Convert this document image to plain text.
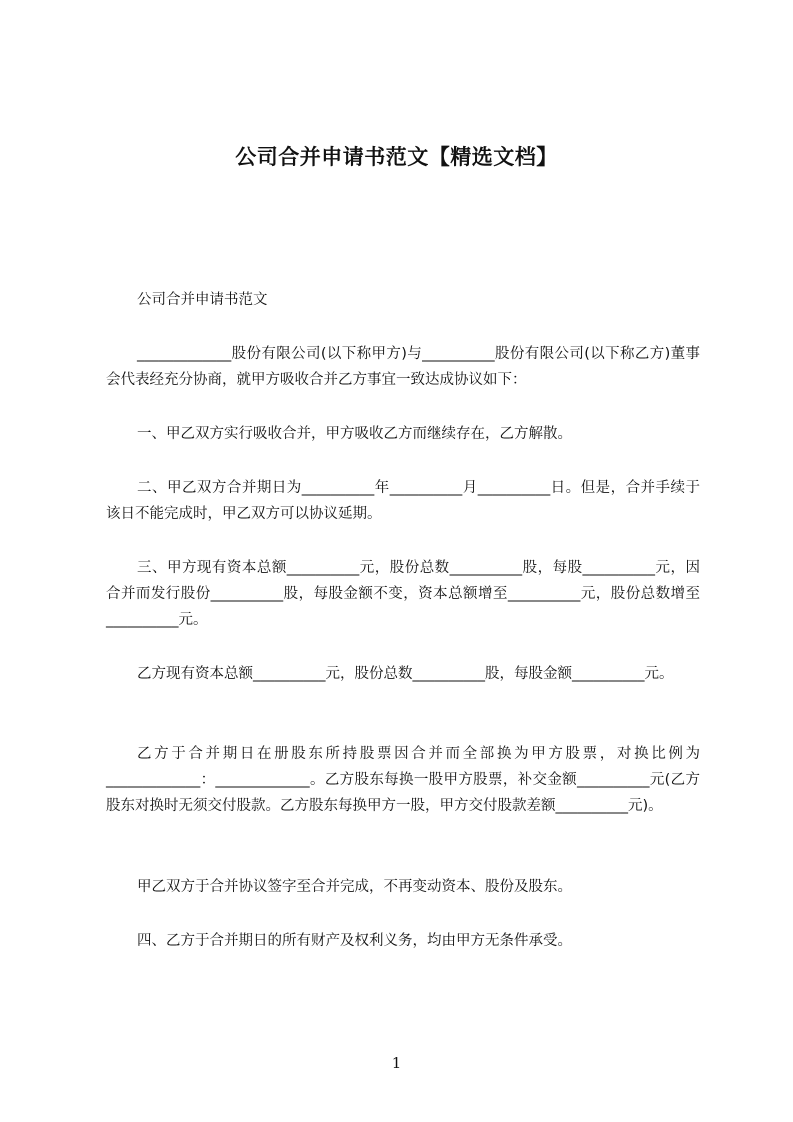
公司合并申请书范文【精选文档】
公司合并申请书范文
_____________股份有限公司(以下称甲方)与__________股份有限公司(以下称乙方)董事会代表经充分协商，就甲方吸收合并乙方事宜一致达成协议如下：
一、甲乙双方实行吸收合并，甲方吸收乙方而继续存在，乙方解散。
二、甲乙双方合并期日为__________年__________月__________日。但是，合并手续于该日不能完成时，甲乙双方可以协议延期。
三、甲方现有资本总额__________元，股份总数__________股，每股__________元，因合并而发行股份__________股，每股金额不变，资本总额增至__________元，股份总数增至__________元。
乙方现有资本总额__________元，股份总数__________股，每股金额__________元。
乙方于合并期日在册股东所持股票因合并而全部换为甲方股票，对换比例为_____________：_____________。乙方股东每换一股甲方股票，补交金额__________元(乙方股东对换时无须交付股款。乙方股东每换甲方一股，甲方交付股款差额__________元)。
甲乙双方于合并协议签字至合并完成，不再变动资本、股份及股东。
四、乙方于合并期日的所有财产及权利义务，均由甲方无条件承受。
1
